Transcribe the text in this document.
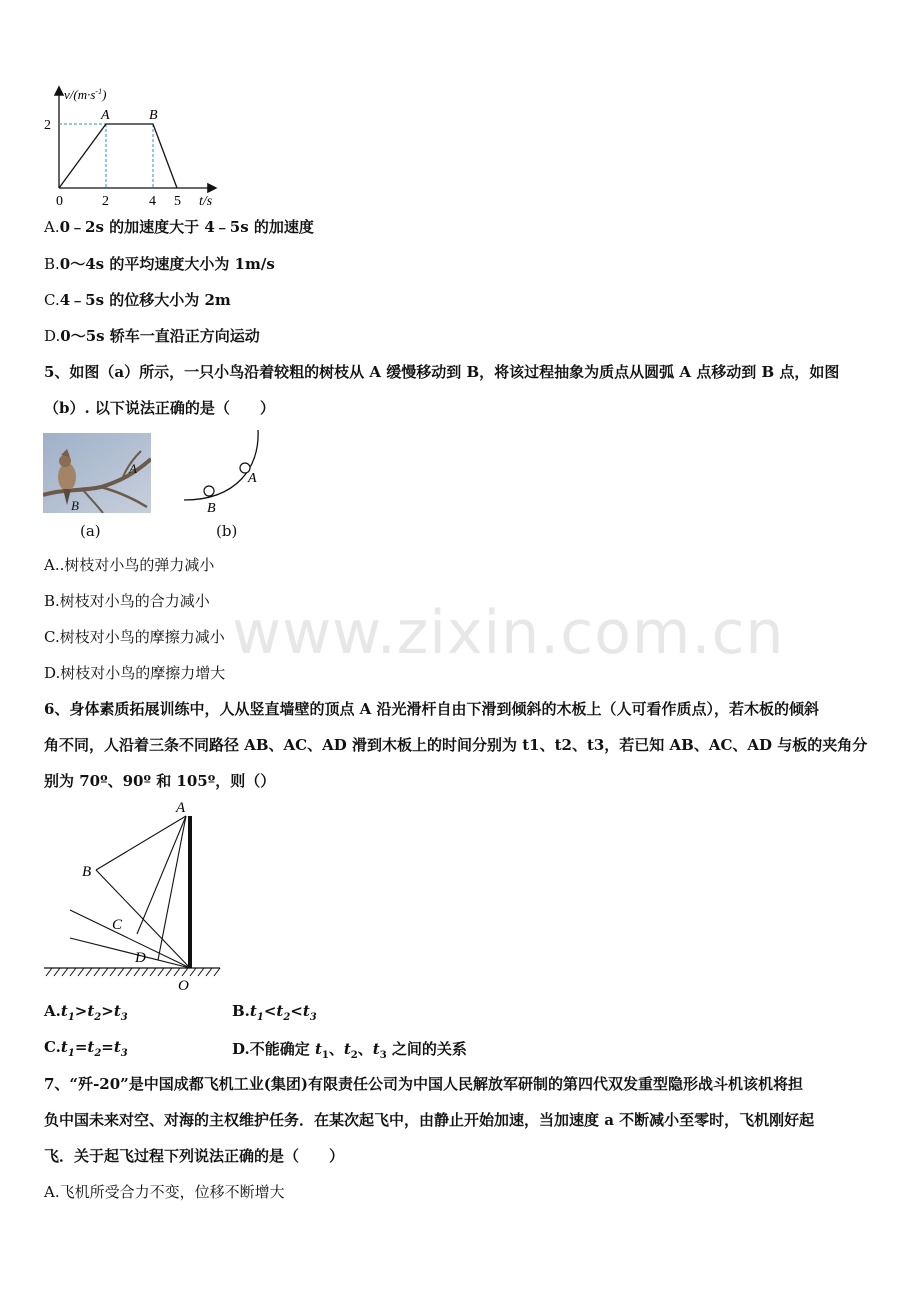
$v/(m\cdot s^{-1})$
2
A	B
0	2	4 5 t/s
A.0﹣2s 的加速度大于 4﹣5s 的加速度
B.0～4s 的平均速度大小为 1m/s
C.4﹣5s 的位移大小为 2m
D.0～5s 轿车一直沿正方向运动
5、如图（a）所示，一只小鸟沿着较粗的树枝从 A 缓慢移动到 B，将该过程抽象为质点从圆弧 A 点移动到 B 点，如图
（b）. 以下说法正确的是（　　）
A
B
(a)
A
B
(b)
A..树枝对小鸟的弹力减小
B.树枝对小鸟的合力减小
C.树枝对小鸟的摩擦力减小
D.树枝对小鸟的摩擦力增大
6、身体素质拓展训练中，人从竖直墙壁的顶点 A 沿光滑杆自由下滑到倾斜的木板上（人可看作质点），若木板的倾斜
角不同，人沿着三条不同路径 AB、AC、AD 滑到木板上的时间分别为 t1、t2、t3，若已知 AB、AC、AD 与板的夹角分
别为 70º、90º 和 105º，则（）
A
B
C
D
O
$A.t_1>t_2>t_3$	$B.t_1<t_2<t_3$
$C.t_1=t_2=t_3$	D.不能确定 $t_1$、$t_2$、$t_3$ 之间的关系
7、“歼-20”是中国成都飞机工业(集团)有限责任公司为中国人民解放军研制的第四代双发重型隐形战斗机该机将担
负中国未来对空、对海的主权维护任务．在某次起飞中，由静止开始加速，当加速度 a 不断减小至零时，飞机刚好起
飞．关于起飞过程下列说法正确的是（　　）
A.飞机所受合力不变，位移不断增大
www.zixin.com.cn
